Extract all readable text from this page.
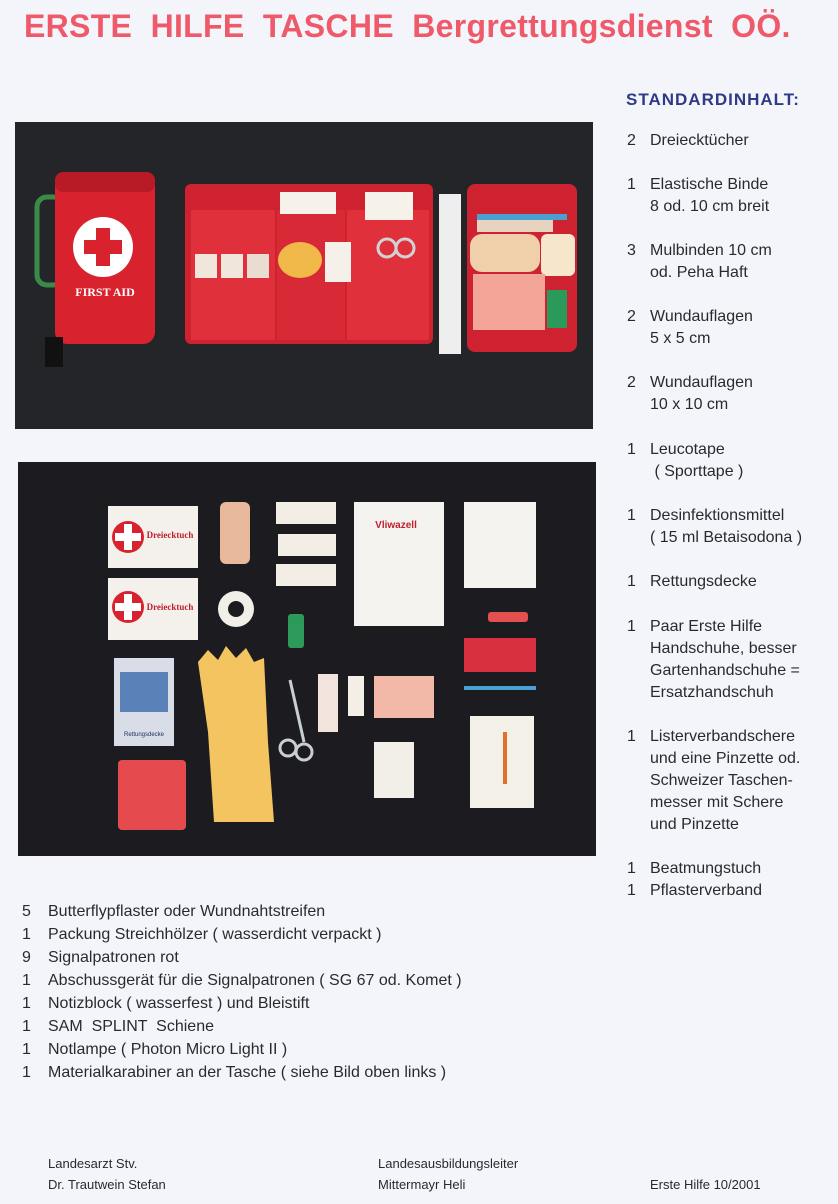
ERSTE  HILFE  TASCHE  Bergrettungsdienst  OÖ.
STANDARDINHALT:
FIRST AID
Dreiecktuch
Dreiecktuch
Vliwazell
Rettungsdecke
2 Dreiecktücher
1 Elastische Binde
8 od. 10 cm breit
3 Mulbinden 10 cm
od. Peha Haft
2 Wundauflagen
5 x 5 cm
2 Wundauflagen
10 x 10 cm
1 Leucotape
( Sporttape )
1 Desinfektionsmittel
( 15 ml Betaisodona )
1 Rettungsdecke
1 Paar Erste Hilfe
Handschuhe, besser
Gartenhandschuhe =
Ersatzhandschuh
1 Listerverbandschere
und eine Pinzette od.
Schweizer Taschen-
messer mit Schere
und Pinzette
1 Beatmungstuch
1 Pflasterverband
5 Butterflypflaster oder Wundnahtstreifen
1 Packung Streichhölzer ( wasserdicht verpackt )
9 Signalpatronen rot
1 Abschussgerät für die Signalpatronen ( SG 67 od. Komet )
1 Notizblock ( wasserfest ) und Bleistift
1 SAM  SPLINT  Schiene
1 Notlampe ( Photon Micro Light II )
1 Materialkarabiner an der Tasche ( siehe Bild oben links )
Landesarzt Stv.
Dr. Trautwein Stefan
Landesausbildungsleiter
Mittermayr Heli	Erste Hilfe 10/2001
